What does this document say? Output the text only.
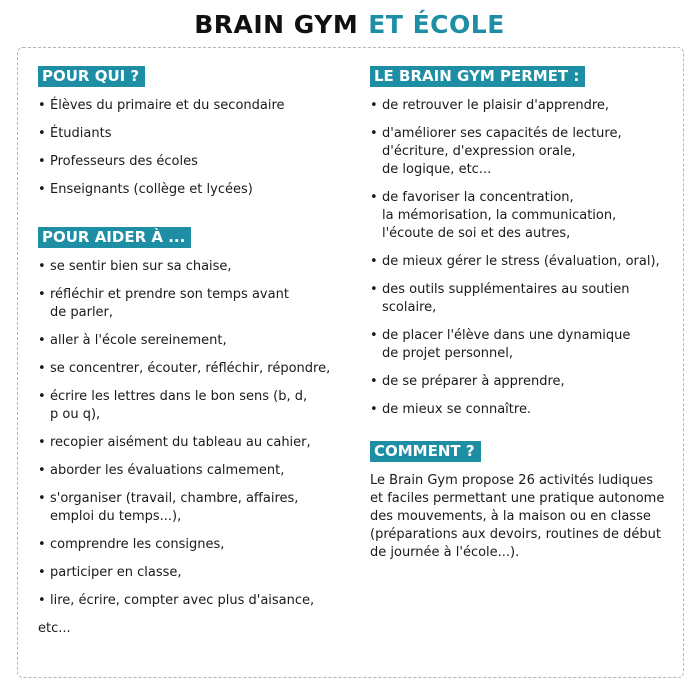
BRAIN GYM ET ÉCOLE
POUR QUI ?
• Élèves du primaire et du secondaire
• Étudiants
• Professeurs des écoles
• Enseignants (collège et lycées)
POUR AIDER À ...
• se sentir bien sur sa chaise,
• réfléchir et prendre son temps avant
de parler,
• aller à l'école sereinement,
• se concentrer, écouter, réfléchir, répondre,
• écrire les lettres dans le bon sens (b, d,
p ou q),
• recopier aisément du tableau au cahier,
• aborder les évaluations calmement,
• s'organiser (travail, chambre, affaires,
emploi du temps...),
• comprendre les consignes,
• participer en classe,
• lire, écrire, compter avec plus d'aisance,
etc...
LE BRAIN GYM PERMET :
• de retrouver le plaisir d'apprendre,
• d'améliorer ses capacités de lecture,
d'écriture, d'expression orale,
de logique, etc...
• de favoriser la concentration,
la mémorisation, la communication,
l'écoute de soi et des autres,
• de mieux gérer le stress (évaluation, oral),
• des outils supplémentaires au soutien
scolaire,
• de placer l'élève dans une dynamique
de projet personnel,
• de se préparer à apprendre,
• de mieux se connaître.
COMMENT ?
Le Brain Gym propose 26 activités ludiques
et faciles permettant une pratique autonome
des mouvements, à la maison ou en classe
(préparations aux devoirs, routines de début
de journée à l'école...).
